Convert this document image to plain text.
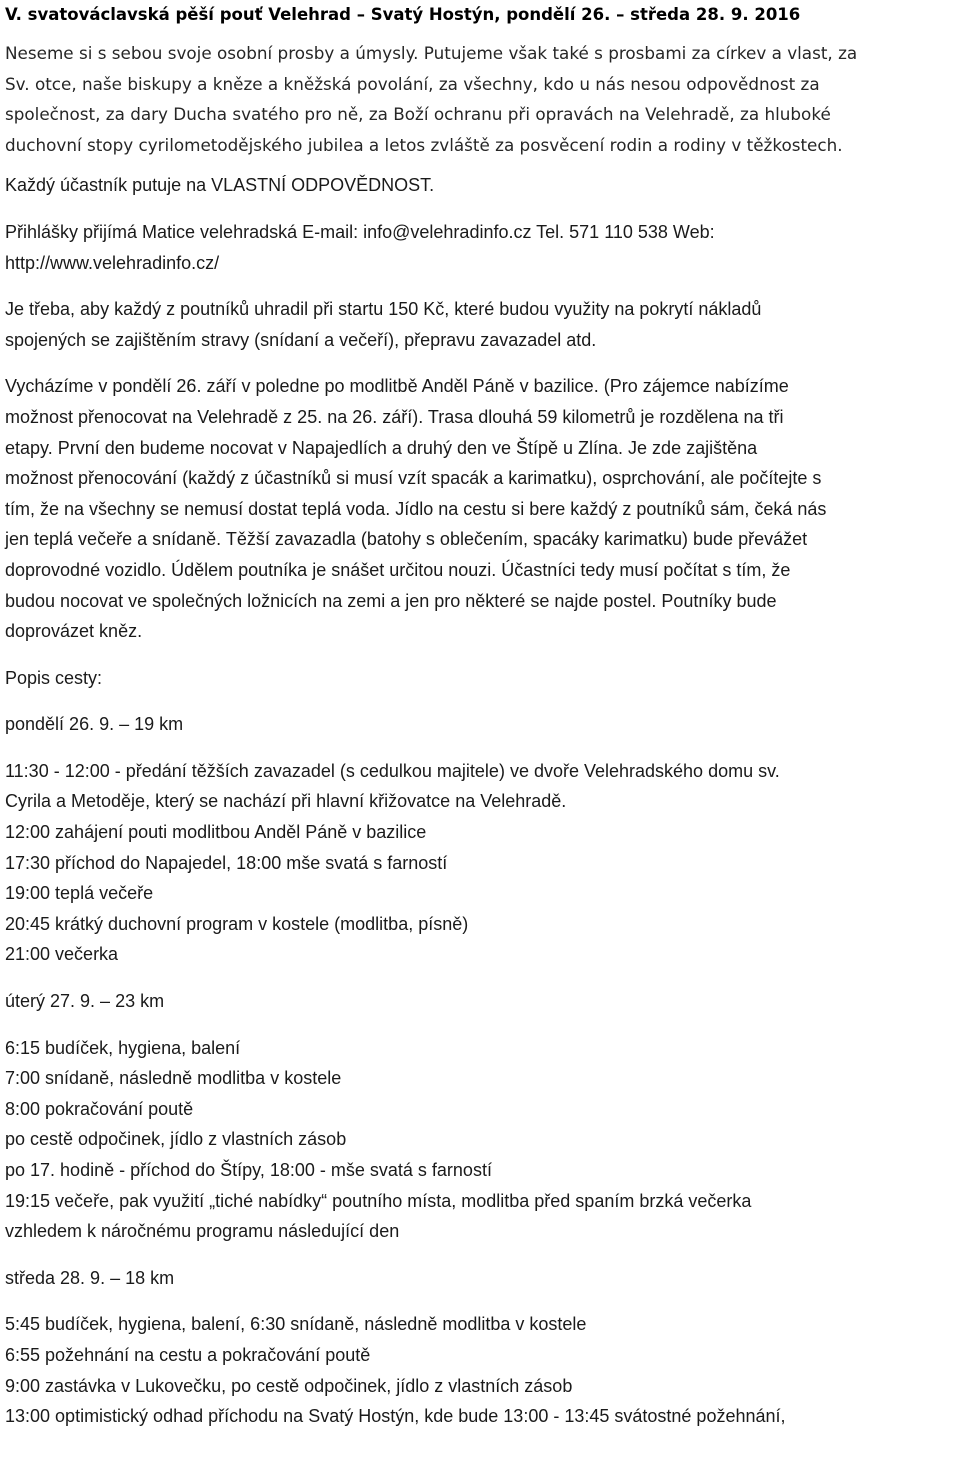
V. svatováclavská pěší pouť Velehrad – Svatý Hostýn, pondělí 26. – středa 28. 9. 2016
Neseme si s sebou svoje osobní prosby a úmysly. Putujeme však také s prosbami za církev a vlast, za
Sv. otce, naše biskupy a kněze a kněžská povolání, za všechny, kdo u nás nesou odpovědnost za
společnost, za dary Ducha svatého pro ně, za Boží ochranu při opravách na Velehradě, za hluboké
duchovní stopy cyrilometodějského jubilea a letos zvláště za posvěcení rodin a rodiny v těžkostech.
Každý účastník putuje na VLASTNÍ ODPOVĚDNOST.
Přihlášky přijímá Matice velehradská E-mail: info@velehradinfo.cz Tel. 571 110 538 Web:
http://www.velehradinfo.cz/
Je třeba, aby každý z poutníků uhradil při startu 150 Kč, které budou využity na pokrytí nákladů
spojených se zajištěním stravy (snídaní a večeří), přepravu zavazadel atd.
Vycházíme v pondělí 26. září v poledne po modlitbě Anděl Páně v bazilice. (Pro zájemce nabízíme
možnost přenocovat na Velehradě z 25. na 26. září). Trasa dlouhá 59 kilometrů je rozdělena na tři
etapy. První den budeme nocovat v Napajedlích a druhý den ve Štípě u Zlína. Je zde zajištěna
možnost přenocování (každý z účastníků si musí vzít spacák a karimatku), osprchování, ale počítejte s
tím, že na všechny se nemusí dostat teplá voda. Jídlo na cestu si bere každý z poutníků sám, čeká nás
jen teplá večeře a snídaně. Těžší zavazadla (batohy s oblečením, spacáky karimatku) bude převážet
doprovodné vozidlo. Údělem poutníka je snášet určitou nouzi. Účastníci tedy musí počítat s tím, že
budou nocovat ve společných ložnicích na zemi a jen pro některé se najde postel. Poutníky bude
doprovázet kněz.
Popis cesty:
pondělí 26. 9. – 19 km
11:30 - 12:00 - předání těžších zavazadel (s cedulkou majitele) ve dvoře Velehradského domu sv.
Cyrila a Metoděje, který se nachází při hlavní křižovatce na Velehradě.
12:00 zahájení pouti modlitbou Anděl Páně v bazilice
17:30 příchod do Napajedel, 18:00 mše svatá s farností
19:00 teplá večeře
20:45 krátký duchovní program v kostele (modlitba, písně)
21:00 večerka
úterý 27. 9. – 23 km
6:15 budíček, hygiena, balení
7:00 snídaně, následně modlitba v kostele
8:00 pokračování poutě
po cestě odpočinek, jídlo z vlastních zásob
po 17. hodině - příchod do Štípy, 18:00 - mše svatá s farností
19:15 večeře, pak využití „tiché nabídky“ poutního místa, modlitba před spaním brzká večerka
vzhledem k náročnému programu následující den
středa 28. 9. – 18 km
5:45 budíček, hygiena, balení, 6:30 snídaně, následně modlitba v kostele
6:55 požehnání na cestu a pokračování poutě
9:00 zastávka v Lukovečku, po cestě odpočinek, jídlo z vlastních zásob
13:00 optimistický odhad příchodu na Svatý Hostýn, kde bude 13:00 - 13:45 svátostné požehnání,
